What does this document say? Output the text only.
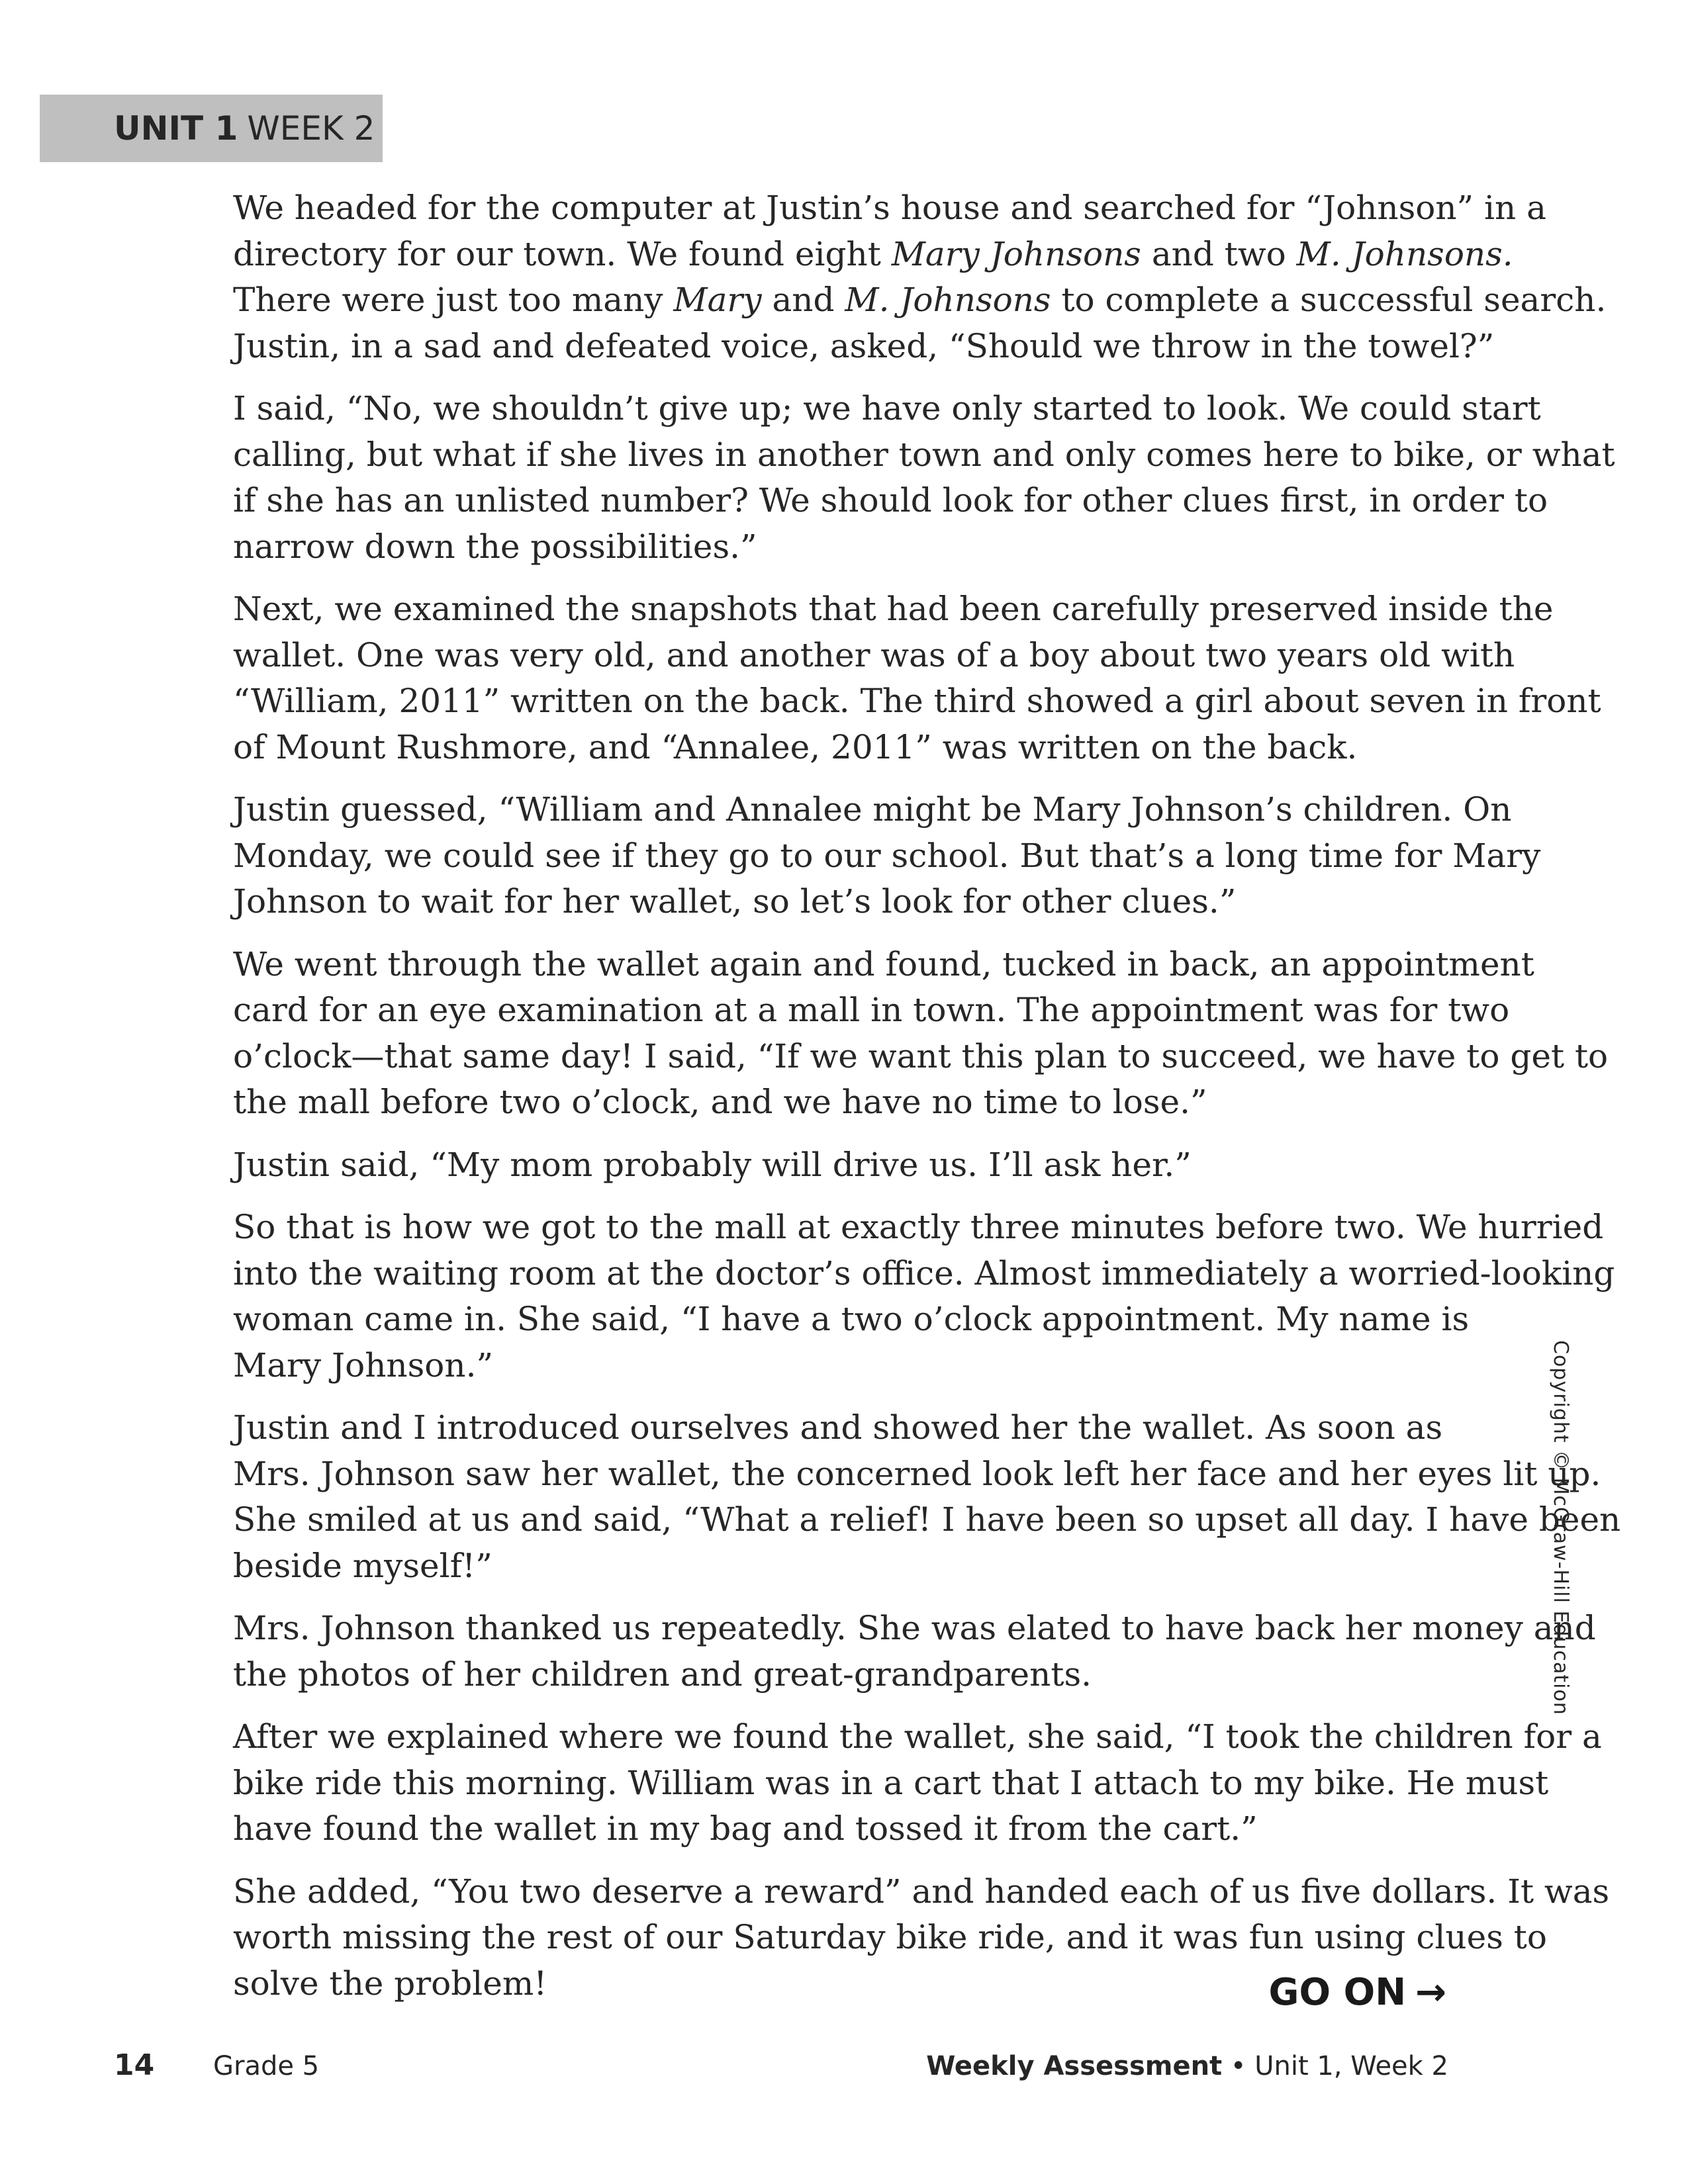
UNIT 1 WEEK 2

We headed for the computer at Justin’s house and searched for “Johnson” in a
directory for our town. We found eight Mary Johnsons and two M. Johnsons.
There were just too many Mary and M. Johnsons to complete a successful search.
Justin, in a sad and defeated voice, asked, “Should we throw in the towel?”

I said, “No, we shouldn’t give up; we have only started to look. We could start
calling, but what if she lives in another town and only comes here to bike, or what
if she has an unlisted number? We should look for other clues first, in order to
narrow down the possibilities.”

Next, we examined the snapshots that had been carefully preserved inside the
wallet. One was very old, and another was of a boy about two years old with
“William, 2011” written on the back. The third showed a girl about seven in front
of Mount Rushmore, and “Annalee, 2011” was written on the back.

Justin guessed, “William and Annalee might be Mary Johnson’s children. On
Monday, we could see if they go to our school. But that’s a long time for Mary
Johnson to wait for her wallet, so let’s look for other clues.”

We went through the wallet again and found, tucked in back, an appointment
card for an eye examination at a mall in town. The appointment was for two
o’clock—that same day! I said, “If we want this plan to succeed, we have to get to
the mall before two o’clock, and we have no time to lose.”

Justin said, “My mom probably will drive us. I’ll ask her.”

So that is how we got to the mall at exactly three minutes before two. We hurried
into the waiting room at the doctor’s office. Almost immediately a worried-looking
woman came in. She said, “I have a two o’clock appointment. My name is
Mary Johnson.”

Justin and I introduced ourselves and showed her the wallet. As soon as
Mrs. Johnson saw her wallet, the concerned look left her face and her eyes lit up.
She smiled at us and said, “What a relief! I have been so upset all day. I have been
beside myself!”

Mrs. Johnson thanked us repeatedly. She was elated to have back her money and
the photos of her children and great-grandparents.

After we explained where we found the wallet, she said, “I took the children for a
bike ride this morning. William was in a cart that I attach to my bike. He must
have found the wallet in my bag and tossed it from the cart.”

She added, “You two deserve a reward” and handed each of us five dollars. It was
worth missing the rest of our Saturday bike ride, and it was fun using clues to
solve the problem!

Copyright © McGraw-Hill Education
GO ON →
14 Grade 5	Weekly Assessment • Unit 1, Week 2
